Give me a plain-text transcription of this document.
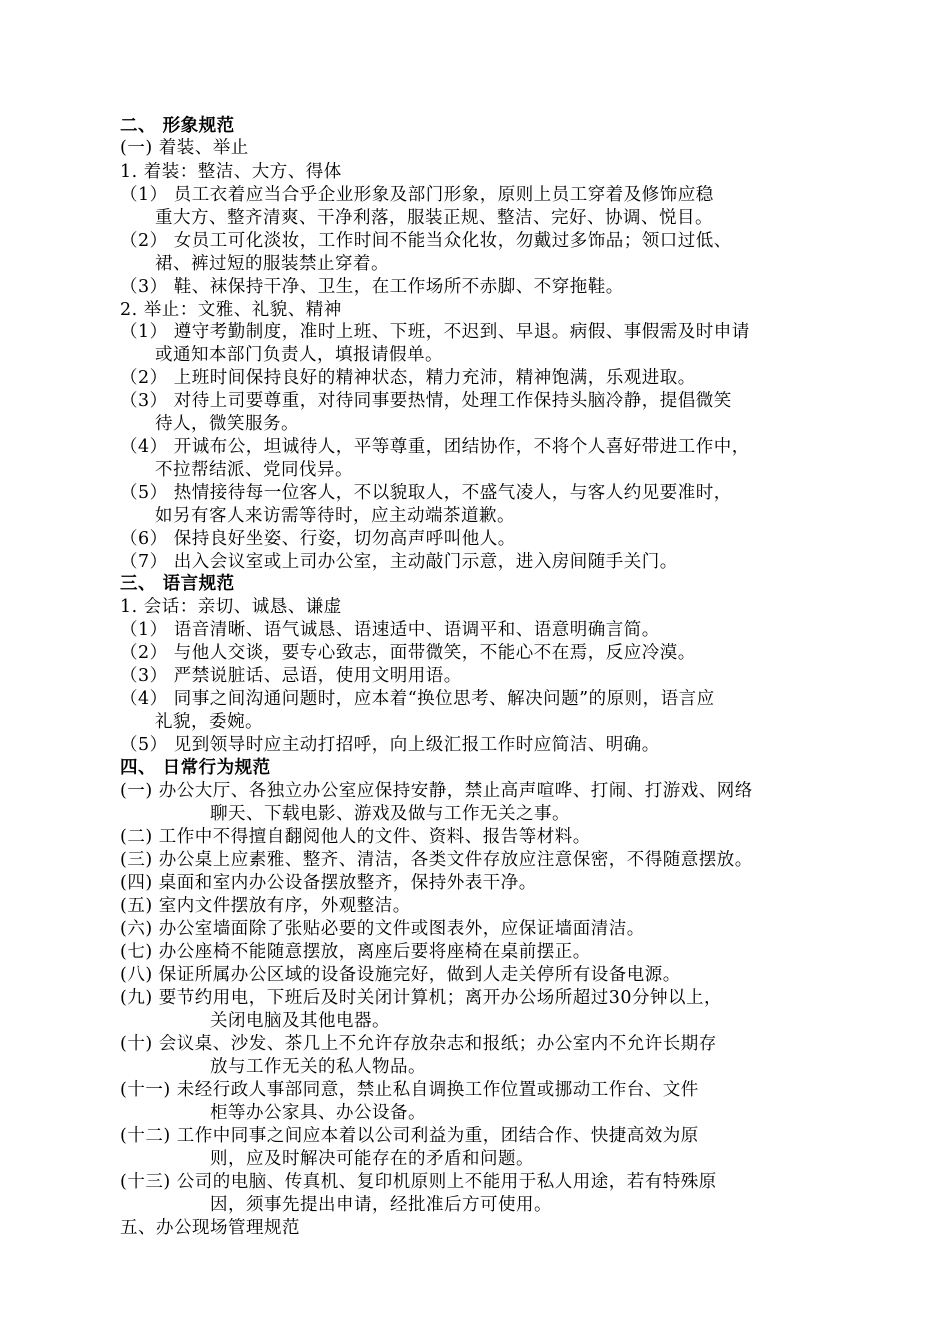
二、 形象规范
(一) 着装、举止
1. 着装：整洁、大方、得体
（1） 员工衣着应当合乎企业形象及部门形象，原则上员工穿着及修饰应稳
重大方、整齐清爽、干净利落，服装正规、整洁、完好、协调、悦目。
（2） 女员工可化淡妆，工作时间不能当众化妆，勿戴过多饰品；领口过低、
裙、裤过短的服装禁止穿着。
（3） 鞋、袜保持干净、卫生，在工作场所不赤脚、不穿拖鞋。
2. 举止：文雅、礼貌、精神
（1） 遵守考勤制度，准时上班、下班，不迟到、早退。病假、事假需及时申请
或通知本部门负责人，填报请假单。
（2） 上班时间保持良好的精神状态，精力充沛，精神饱满，乐观进取。
（3） 对待上司要尊重，对待同事要热情，处理工作保持头脑冷静，提倡微笑
待人，微笑服务。
（4） 开诚布公，坦诚待人，平等尊重，团结协作，不将个人喜好带进工作中，
不拉帮结派、党同伐异。
（5） 热情接待每一位客人，不以貌取人，不盛气凌人，与客人约见要准时，
如另有客人来访需等待时，应主动端茶道歉。
（6） 保持良好坐姿、行姿，切勿高声呼叫他人。
（7） 出入会议室或上司办公室，主动敲门示意，进入房间随手关门。
三、 语言规范
1. 会话：亲切、诚恳、谦虚
（1） 语音清晰、语气诚恳、语速适中、语调平和、语意明确言简。
（2） 与他人交谈，要专心致志，面带微笑，不能心不在焉，反应冷漠。
（3） 严禁说脏话、忌语，使用文明用语。
（4） 同事之间沟通问题时，应本着“换位思考、解决问题”的原则，语言应
礼貌，委婉。
（5） 见到领导时应主动打招呼，向上级汇报工作时应简洁、明确。
四、 日常行为规范
(一) 办公大厅、各独立办公室应保持安静，禁止高声喧哗、打闹、打游戏、网络
聊天、下载电影、游戏及做与工作无关之事。
(二) 工作中不得擅自翻阅他人的文件、资料、报告等材料。
(三) 办公桌上应素雅、整齐、清洁，各类文件存放应注意保密，不得随意摆放。
(四) 桌面和室内办公设备摆放整齐，保持外表干净。
(五) 室内文件摆放有序，外观整洁。
(六) 办公室墙面除了张贴必要的文件或图表外，应保证墙面清洁。
(七) 办公座椅不能随意摆放，离座后要将座椅在桌前摆正。
(八) 保证所属办公区域的设备设施完好，做到人走关停所有设备电源。
(九) 要节约用电，下班后及时关闭计算机；离开办公场所超过30分钟以上，
关闭电脑及其他电器。
(十) 会议桌、沙发、茶几上不允许存放杂志和报纸；办公室内不允许长期存
放与工作无关的私人物品。
(十一) 未经行政人事部同意，禁止私自调换工作位置或挪动工作台、文件
柜等办公家具、办公设备。
(十二) 工作中同事之间应本着以公司利益为重，团结合作、快捷高效为原
则，应及时解决可能存在的矛盾和问题。
(十三) 公司的电脑、传真机、复印机原则上不能用于私人用途，若有特殊原
因，须事先提出申请，经批准后方可使用。
五、办公现场管理规范
